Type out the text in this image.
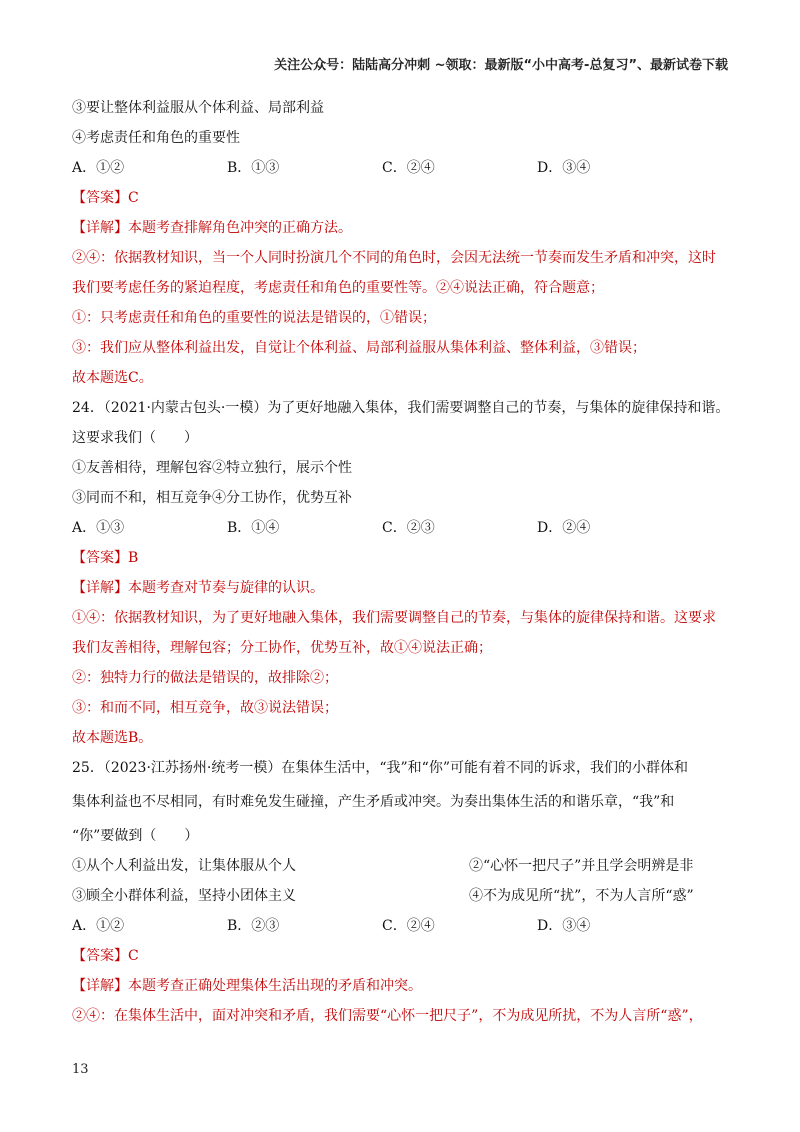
关注公众号：陆陆高分冲刺 ~领取：最新版“小中高考-总复习”、最新试卷下载

③要让整体利益服从个体利益、局部利益

④考虑责任和角色的重要性

A．①②	B．①③	C．②④	D．③④

【答案】C

【详解】本题考查排解角色冲突的正确方法。

②④：依据教材知识，当一个人同时扮演几个不同的角色时，会因无法统一节奏而发生矛盾和冲突，这时

我们要考虑任务的紧迫程度，考虑责任和角色的重要性等。②④说法正确，符合题意；

①：只考虑责任和角色的重要性的说法是错误的，①错误；

③：我们应从整体利益出发，自觉让个体利益、局部利益服从集体利益、整体利益，③错误；

故本题选C。

24．（2021·内蒙古包头·一模）为了更好地融入集体，我们需要调整自己的节奏，与集体的旋律保持和谐。

这要求我们（　　）

①友善相待，理解包容②特立独行，展示个性

③同而不和，相互竞争④分工协作，优势互补

A．①③	B．①④	C．②③	D．②④

【答案】B

【详解】本题考查对节奏与旋律的认识。

①④：依据教材知识，为了更好地融入集体，我们需要调整自己的节奏，与集体的旋律保持和谐。这要求

我们友善相待，理解包容；分工协作，优势互补，故①④说法正确；

②：独特力行的做法是错误的，故排除②；

③：和而不同，相互竞争，故③说法错误；

故本题选B。

25．（2023·江苏扬州·统考一模）在集体生活中，“我”和“你”可能有着不同的诉求，我们的小群体和

集体利益也不尽相同，有时难免发生碰撞，产生矛盾或冲突。为奏出集体生活的和谐乐章，“我”和

“你”要做到（　　）

①从个人利益出发，让集体服从个人	②“心怀一把尺子”并且学会明辨是非
③顾全小群体利益，坚持小团体主义	④不为成见所“扰”，不为人言所“惑”
A．①②	B．②③	C．②④	D．③④

【答案】C

【详解】本题考查正确处理集体生活出现的矛盾和冲突。

②④：在集体生活中，面对冲突和矛盾，我们需要“心怀一把尺子”，不为成见所扰，不为人言所“惑”，

13
